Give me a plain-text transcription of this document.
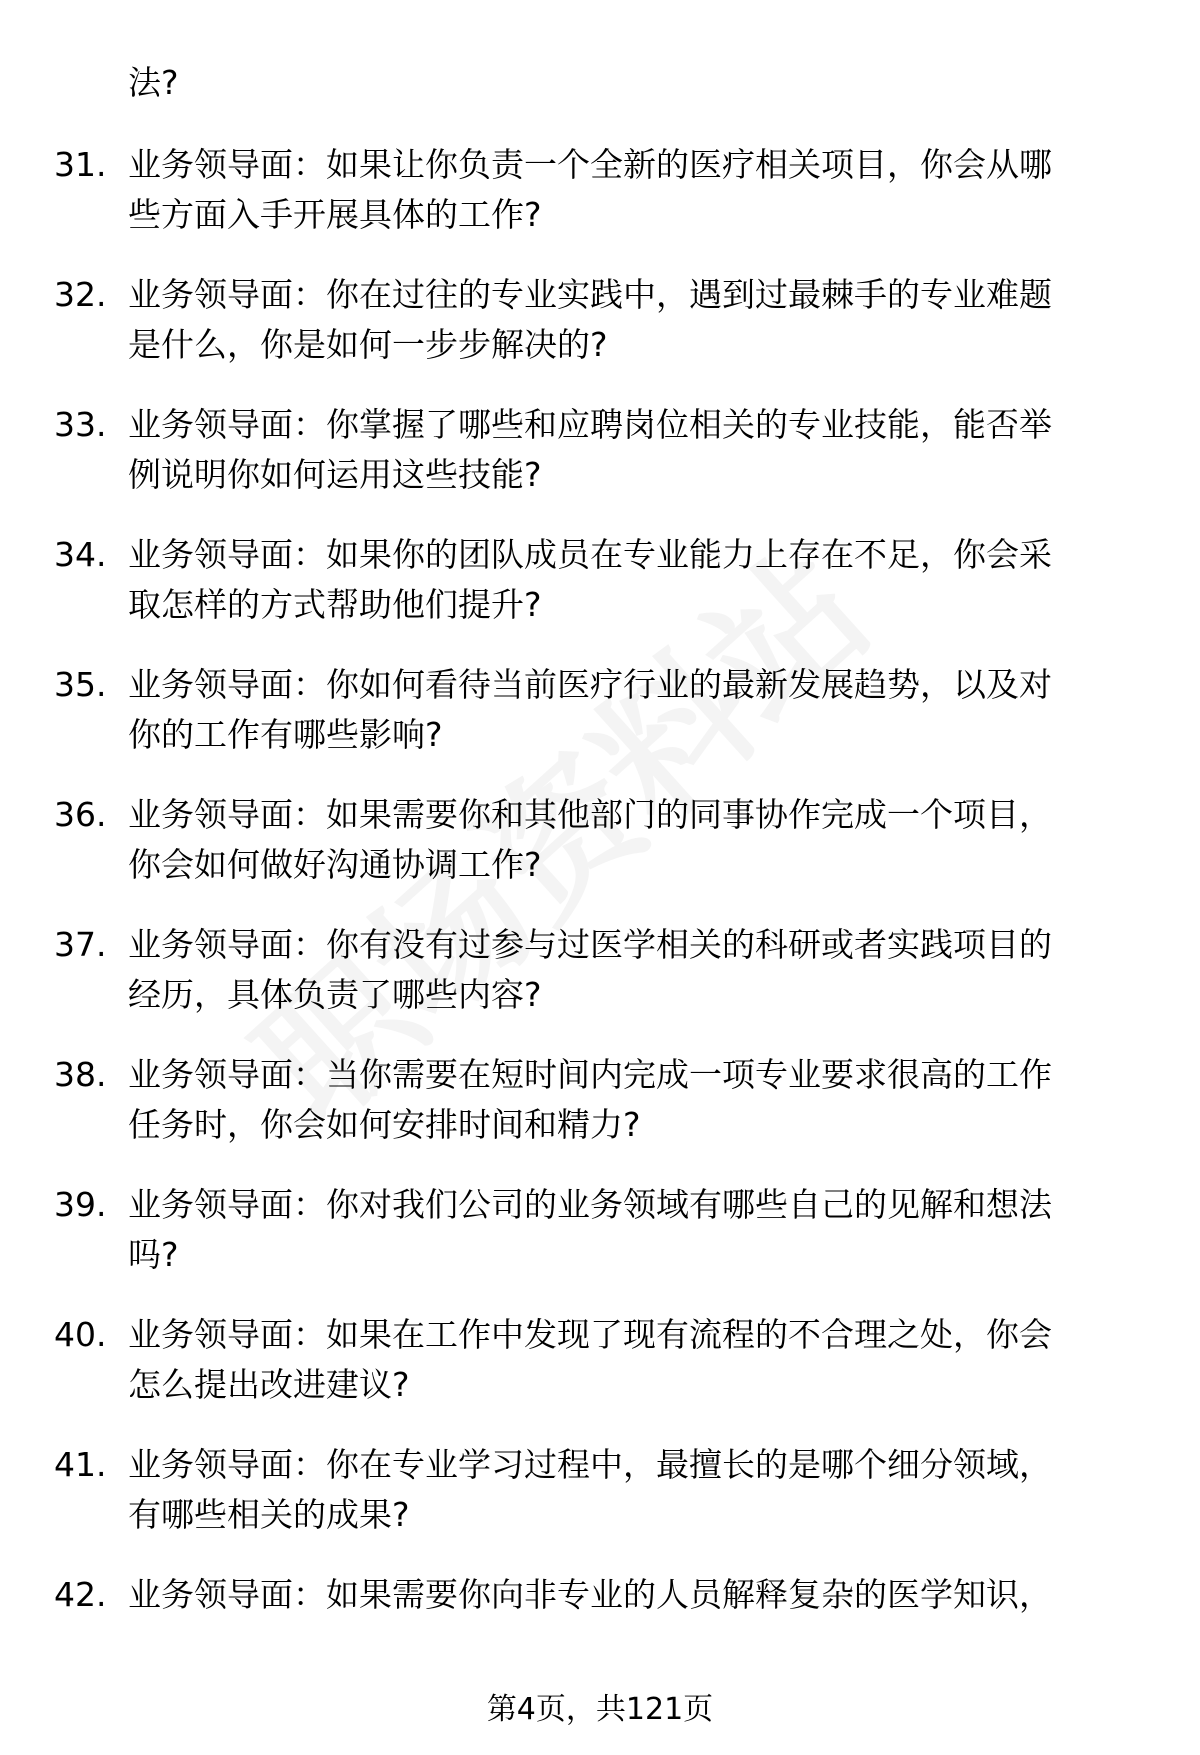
法?
31. 业务领导面：如果让你负责一个全新的医疗相关项目，你会从哪
些方面入手开展具体的工作?
32. 业务领导面：你在过往的专业实践中，遇到过最棘手的专业难题
是什么，你是如何一步步解决的?
33. 业务领导面：你掌握了哪些和应聘岗位相关的专业技能，能否举
例说明你如何运用这些技能?
34. 业务领导面：如果你的团队成员在专业能力上存在不足，你会采
取怎样的方式帮助他们提升?
35. 业务领导面：你如何看待当前医疗行业的最新发展趋势，以及对
你的工作有哪些影响?
36. 业务领导面：如果需要你和其他部门的同事协作完成一个项目，
你会如何做好沟通协调工作?
37. 业务领导面：你有没有过参与过医学相关的科研或者实践项目的
经历，具体负责了哪些内容?
38. 业务领导面：当你需要在短时间内完成一项专业要求很高的工作
任务时，你会如何安排时间和精力?
39. 业务领导面：你对我们公司的业务领域有哪些自己的见解和想法
吗?
40. 业务领导面：如果在工作中发现了现有流程的不合理之处，你会
怎么提出改进建议?
41. 业务领导面：你在专业学习过程中，最擅长的是哪个细分领域，
有哪些相关的成果?
42. 业务领导面：如果需要你向非专业的人员解释复杂的医学知识，
第4页，共121页
